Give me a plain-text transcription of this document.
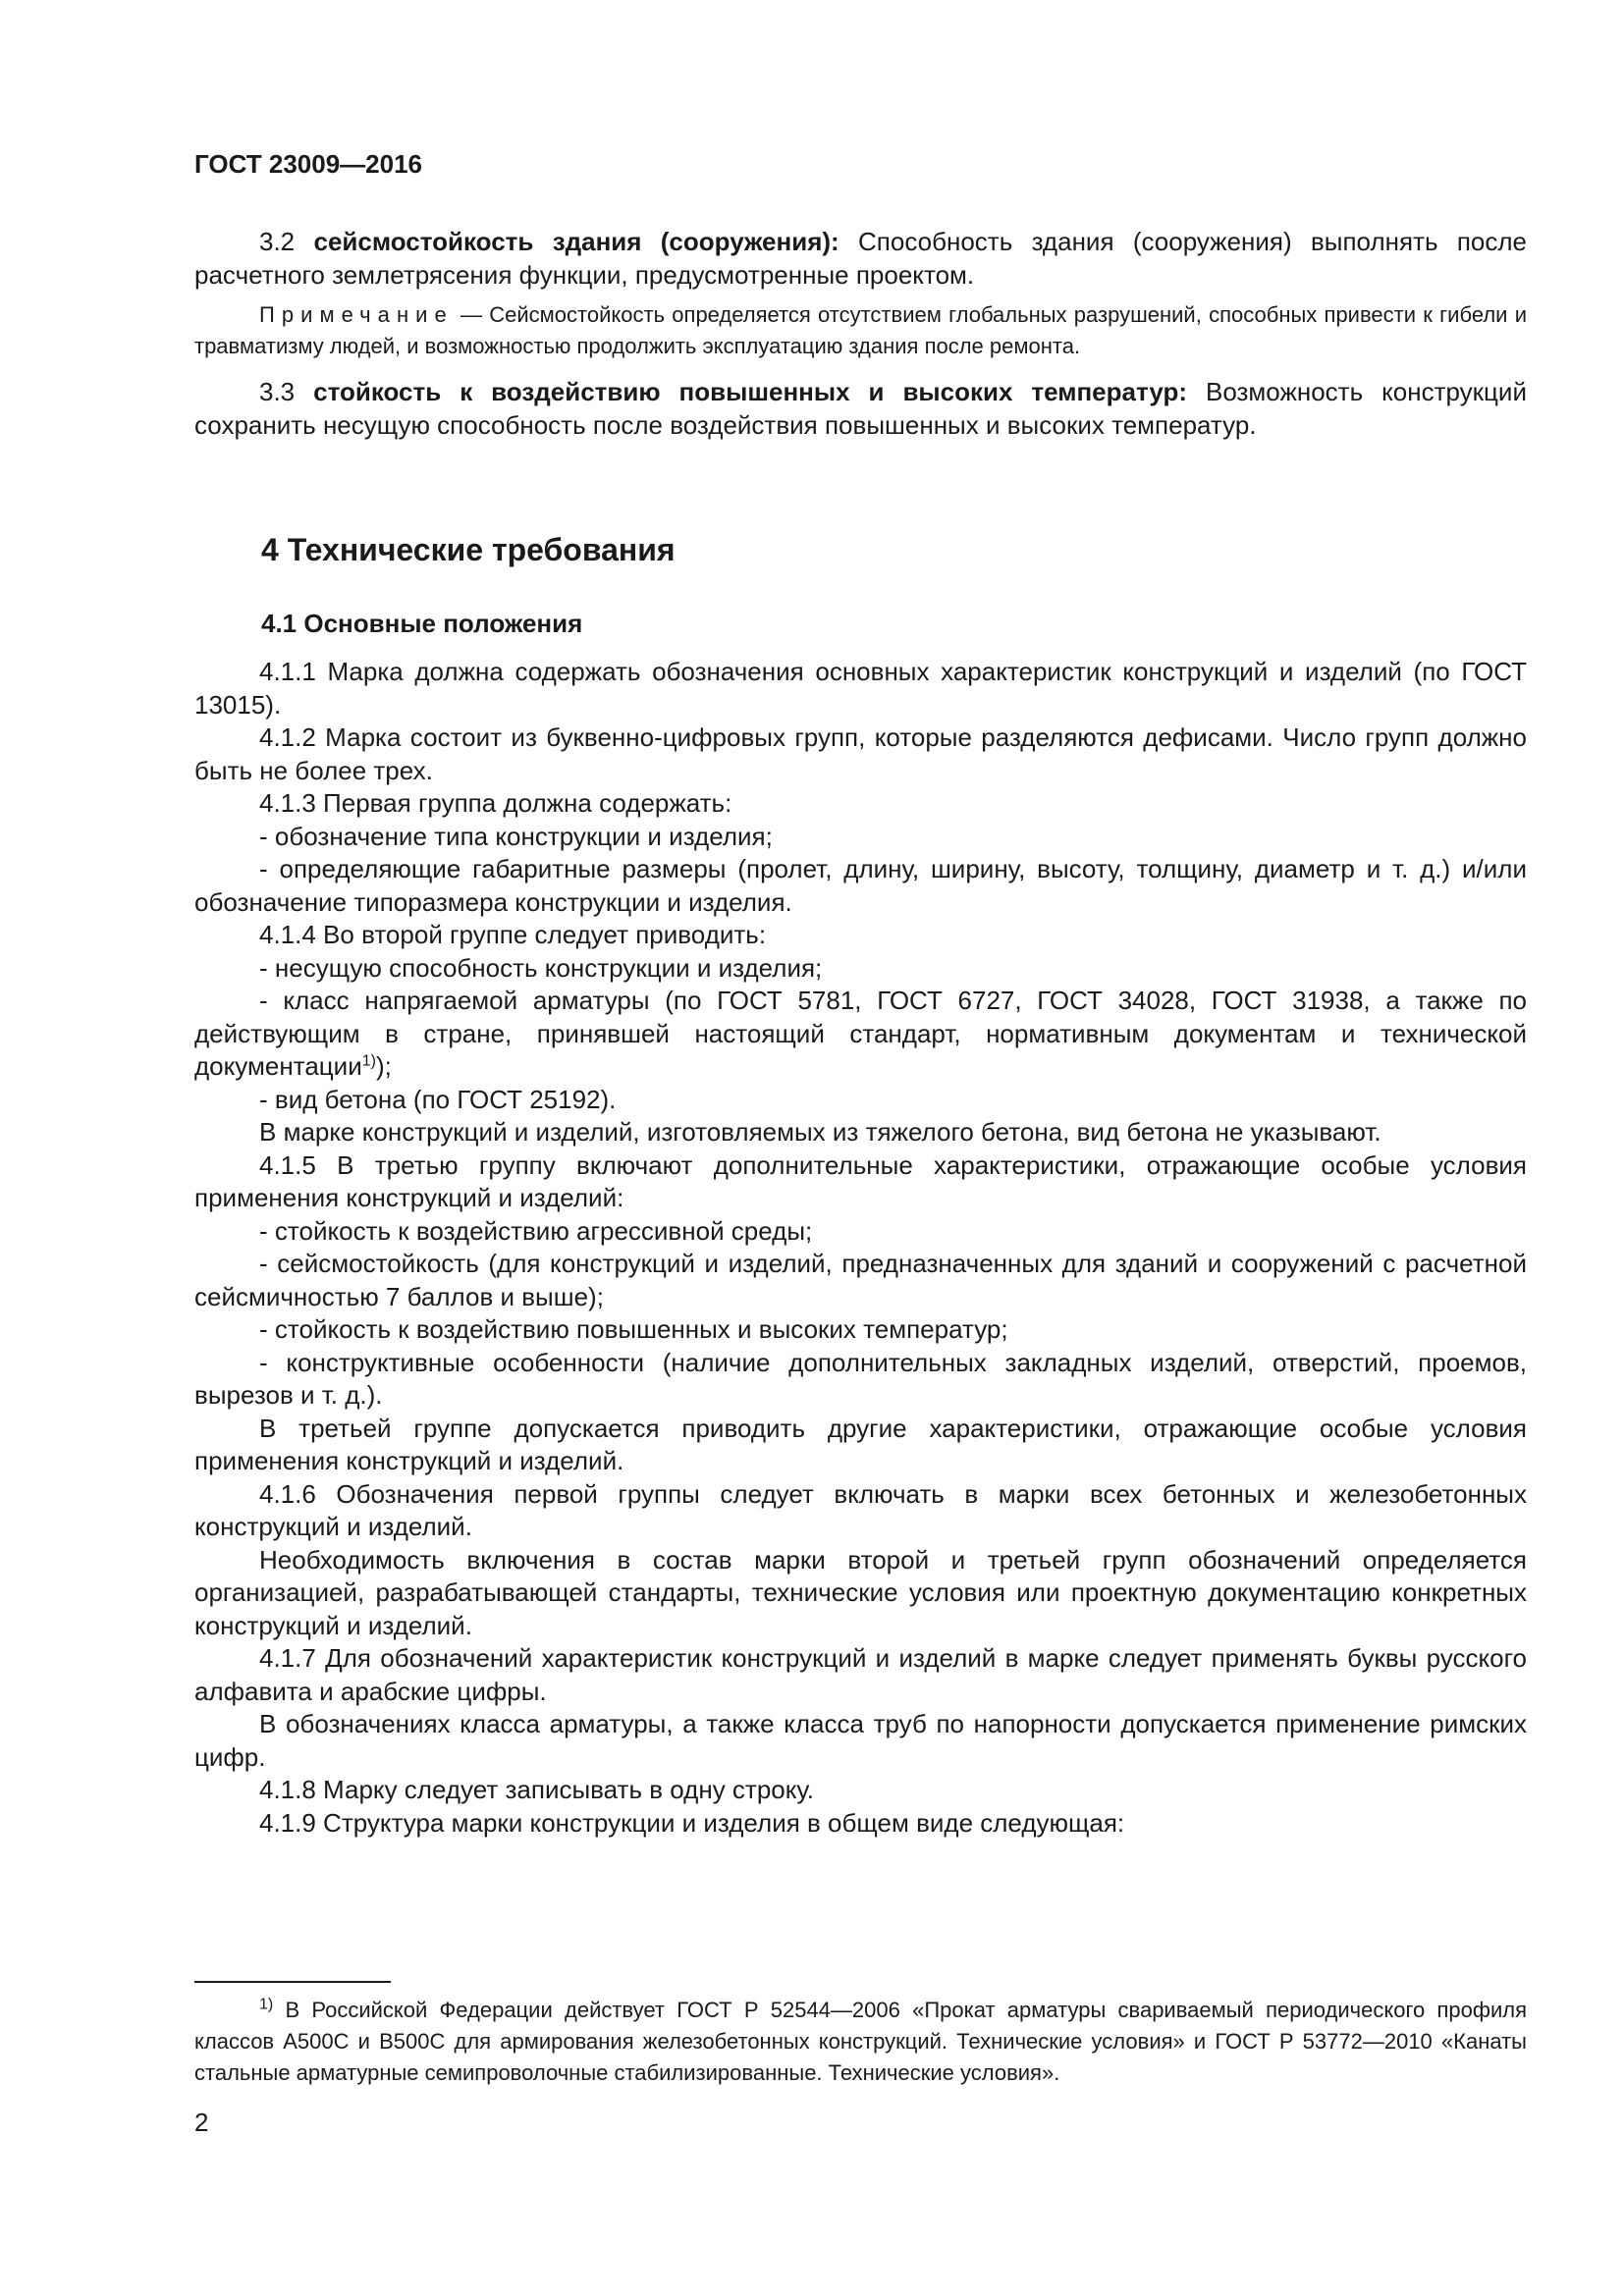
ГОСТ 23009—2016
3.2 сейсмостойкость здания (сооружения): Способность здания (сооружения) выполнять после расчетного землетрясения функции, предусмотренные проектом.
Примечание — Сейсмостойкость определяется отсутствием глобальных разрушений, способных привести к гибели и травматизму людей, и возможностью продолжить эксплуатацию здания после ремонта.
3.3 стойкость к воздействию повышенных и высоких температур: Возможность конструкций сохранить несущую способность после воздействия повышенных и высоких температур.
4 Технические требования
4.1 Основные положения

4.1.1 Марка должна содержать обозначения основных характеристик конструкций и изделий (по ГОСТ 13015).

4.1.2 Марка состоит из буквенно-цифровых групп, которые разделяются дефисами. Число групп должно быть не более трех.

4.1.3 Первая группа должна содержать:

- обозначение типа конструкции и изделия;

- определяющие габаритные размеры (пролет, длину, ширину, высоту, толщину, диаметр и т. д.) и/или обозначение типоразмера конструкции и изделия.

4.1.4 Во второй группе следует приводить:

- несущую способность конструкции и изделия;

- класс напрягаемой арматуры (по ГОСТ 5781, ГОСТ 6727, ГОСТ 34028, ГОСТ 31938, а также по действующим в стране, принявшей настоящий стандарт, нормативным документам и технической документации$^{1)}$);

- вид бетона (по ГОСТ 25192).

В марке конструкций и изделий, изготовляемых из тяжелого бетона, вид бетона не указывают.

4.1.5 В третью группу включают дополнительные характеристики, отражающие особые условия применения конструкций и изделий:

- стойкость к воздействию агрессивной среды;

- сейсмостойкость (для конструкций и изделий, предназначенных для зданий и сооружений с расчетной сейсмичностью 7 баллов и выше);

- стойкость к воздействию повышенных и высоких температур;

- конструктивные особенности (наличие дополнительных закладных изделий, отверстий, проемов, вырезов и т. д.).

В третьей группе допускается приводить другие характеристики, отражающие особые условия применения конструкций и изделий.

4.1.6 Обозначения первой группы следует включать в марки всех бетонных и железобетонных конструкций и изделий.

Необходимость включения в состав марки второй и третьей групп обозначений определяется организацией, разрабатывающей стандарты, технические условия или проектную документацию конкретных конструкций и изделий.

4.1.7 Для обозначений характеристик конструкций и изделий в марке следует применять буквы русского алфавита и арабские цифры.

В обозначениях класса арматуры, а также класса труб по напорности допускается применение римских цифр.

4.1.8 Марку следует записывать в одну строку.

4.1.9 Структура марки конструкции и изделия в общем виде следующая:

$^{1)}$ В Российской Федерации действует ГОСТ Р 52544—2006 «Прокат арматуры свариваемый периодического профиля классов А500С и В500С для армирования железобетонных конструкций. Технические условия» и ГОСТ Р 53772—2010 «Канаты стальные арматурные семипроволочные стабилизированные. Технические условия».
2
